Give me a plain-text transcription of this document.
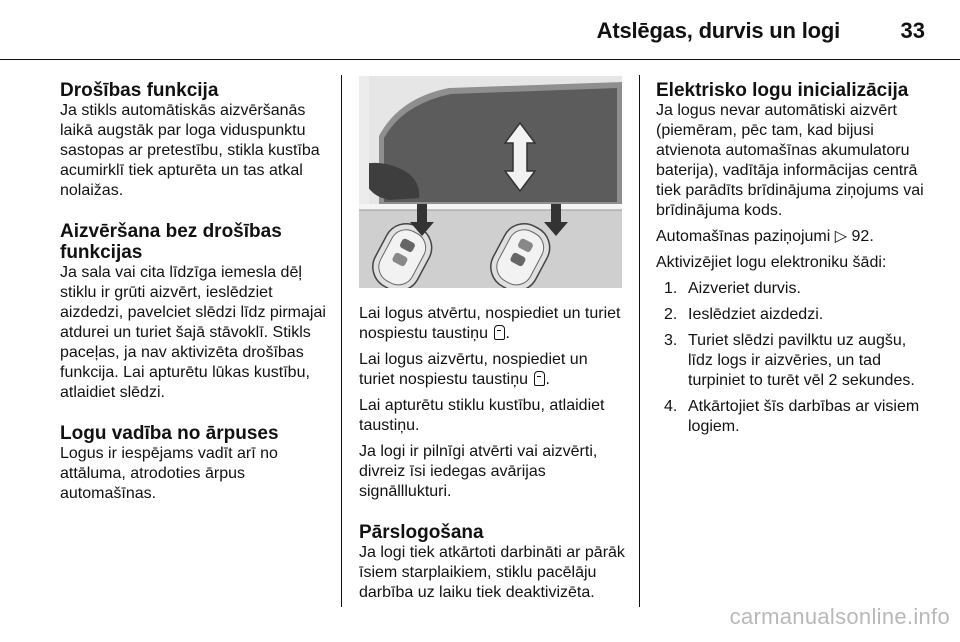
Atslēgas, durvis un logi	33
Drošības funkcija

Ja stikls automātiskās aizvēršanās laikā augstāk par loga viduspunktu sastopas ar pretestību, stikla kustība acumirklī tiek apturēta un tas atkal nolaižas.

Aizvēršana bez drošības funkcijas

Ja sala vai cita līdzīga iemesla dēļ stiklu ir grūti aizvērt, ieslēdziet aizdedzi, pavelciet slēdzi līdz pirmajai atdurei un turiet šajā stāvoklī. Stikls paceļas, ja nav aktivizēta drošības funkcija. Lai apturētu lūkas kustību, atlaidiet slēdzi.

Logu vadība no ārpuses

Logus ir iespējams vadīt arī no attāluma, atrodoties ārpus automašīnas.

Lai logus atvērtu, nospiediet un turiet nospiestu taustiņu .

Lai logus aizvērtu, nospiediet un turiet nospiestu taustiņu .

Lai apturētu stiklu kustību, atlaidiet taustiņu.

Ja logi ir pilnīgi atvērti vai aizvērti, divreiz īsi iedegas avārijas signālllukturi.

Pārslogošana

Ja logi tiek atkārtoti darbināti ar pārāk īsiem starplaikiem, stiklu pacēlāju darbība uz laiku tiek deaktivizēta.

Elektrisko logu inicializācija

Ja logus nevar automātiski aizvērt (piemēram, pēc tam, kad bijusi atvienota automašīnas akumulatoru baterija), vadītāja informācijas centrā tiek parādīts brīdinājuma ziņojums vai brīdinājuma kods.

Automašīnas paziņojumi ▷ 92.

Aktivizējiet logu elektroniku šādi:

1. Aizveriet durvis.
2. Ieslēdziet aizdedzi.
3. Turiet slēdzi pavilktu uz augšu, līdz logs ir aizvēries, un tad turpiniet to turēt vēl 2 sekundes.
4. Atkārtojiet šīs darbības ar visiem logiem.
carmanualsonline.info
